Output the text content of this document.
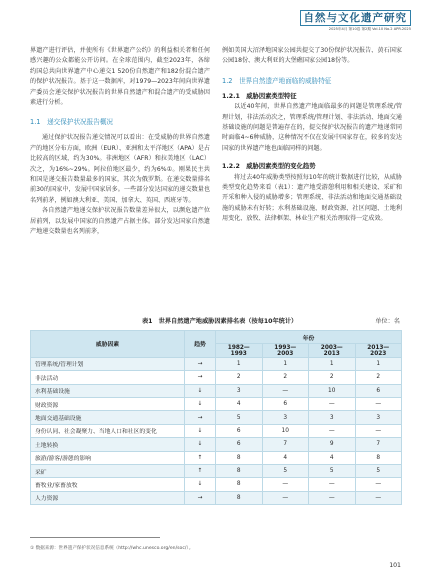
自然与文化遗产研究
2025年4月 第10卷 第2期 Vol.10 No.2 APR.2025

界遗产进行评估，并使所有《世界遗产公约》的利益相关者和任何感兴趣的公众都能公开访问。在全球范围内，截至2023年，各缔约国总共向世界遗产中心递交1 520份自然遗产和182份混合遗产的保护状况报告。基于这一数据库，对1979—2023年间向世界遗产委员会递交保护状况报告的世界自然遗产和混合遗产的受威胁因素进行分析。

1.1　递交保护状况报告概况

通过保护状况报告递交情况可以看出：在受威胁的世界自然遗产的地区分布方面，欧洲（EUR）、亚洲和太平洋地区（APA）是占比较高的区域，约为30%。非洲地区（AFR）和拉美地区（LAC）次之，为16%~29%。阿拉伯地区最少，约为6%①。刚果民主共和国是递交报告数量最多的国家，其次为俄罗斯。在递交数量排名前30的国家中，发展中国家居多。一些部分发达国家的递交数量也名列前茅，例如澳大利亚、美国、加拿大、英国、西班牙等。

各自然遗产地递交保护状况报告数量差异很大，以濒危遗产位居前列，以发展中国家的自然遗产占据主体。部分发达国家自然遗产地递交数量也名列前茅，

例如美国大沼泽地国家公园共提交了30份保护状况报告、黄石国家公园18份、澳大利亚的大堡礁国家公园18份等。

1.2　世界自然遗产地面临的威胁特征
1.2.1　威胁因素类型特征

以近40年间，世界自然遗产地面临最多的问题是管理系统/管理计划，非法活动次之，管理系统/管理计划、非法活动、地面交通基础设施的问题是普遍存在的，提交保护状况报告的遗产地递常同时面临4~6种威胁，这种情况不仅在发展中国家存在，较多的发达国家的世界遗产地也面临同样的问题。

1.2.2　威胁因素类型的变化趋势

将过去40年威胁类型按照每10年的统计数据进行比较，从威胁类型变化趋势来看（表1）：遗产地受游憩利用和相关建设、采矿和开采和种入侵的威胁增多；管理系统、非法活动和地面交通基础设施的威胁未有好转；水利基础设施、财政资源、社区问题、土地利用变化、放牧、法律框架、林业生产相关治理取得一定成效。

表1　世界自然遗产地威胁因素排名表（按每10年统计）	单位：名
威胁因素	趋势	年份			
		1982—1993	1993—2003	2003—2013	2013—2023
管理系统/管理计划	→	1	1	1	1
非法活动	→	2	2	2	2
水利基础设施	↓	3	—	10	6
财政资源	↓	4	6	—	—
地面交通基础设施	→	5	3	3	3
身份认同、社会凝聚力、当地人口和社区的变化	↓	6	10	—	—
土地转换	↓	6	7	9	7
旅游/游客/游憩的影响	↑	8	4	4	8
采矿	↑	8	5	5	5
畜牧业/家畜放牧	↓	8	—	—	—
人力资源	→	8	—	—	—
① 数据来源：世界遗产保护状况信息系统（http://whc.unesco.org/en/soc/）。
101
